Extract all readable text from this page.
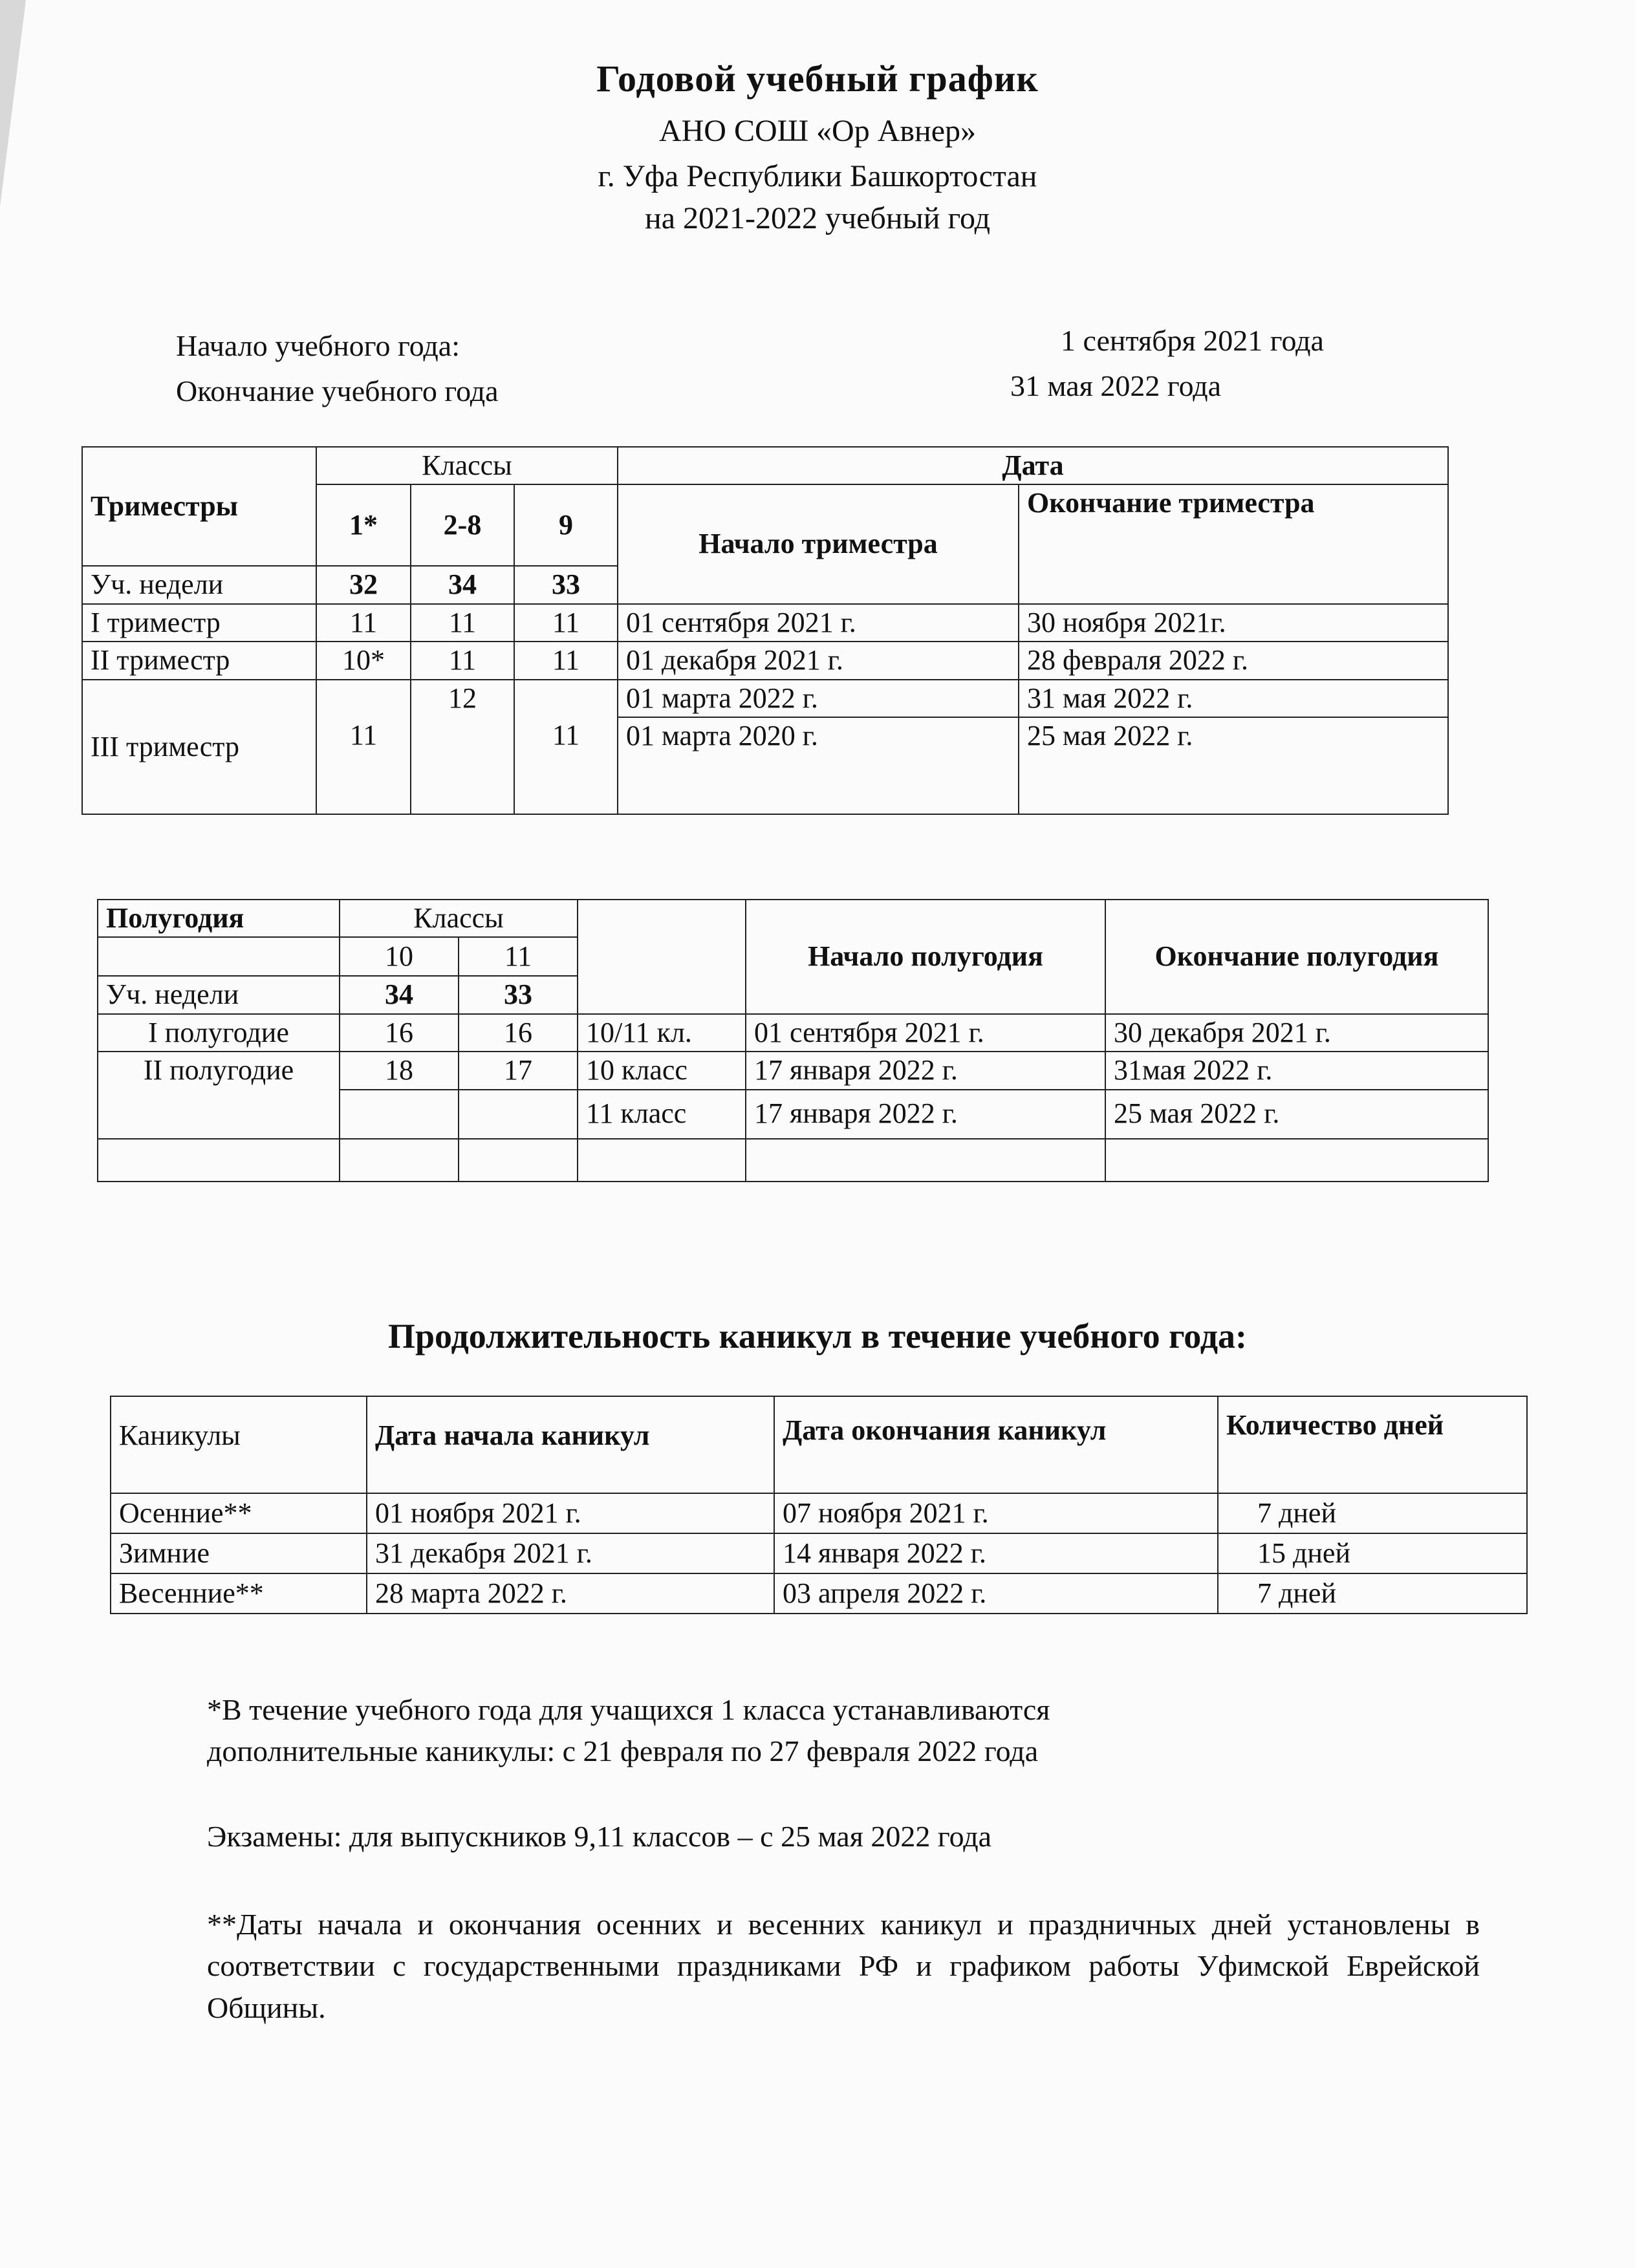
Годовой учебный график
АНО СОШ «Ор Авнер»
г. Уфа Республики Башкортостан
на 2021-2022 учебный год
Начало учебного года:	1 сентября 2021 года
Окончание учебного года	31 мая 2022 года
Триместры	Классы			Дата	
	1*	2-8	9	Начало триместра	Окончание триместра
Уч. недели	32	34	33		
I триместр	11	11	11	01 сентября 2021 г.	30 ноября 2021г.
II триместр	10*	11	11	01 декабря 2021 г.	28 февраля 2022 г.
III триместр		12		01 марта 2022 г.	31 мая 2022 г.
	11		11	01 марта 2020 г.	25 мая 2022 г.
Полугодия	Классы			Начало полугодия	Окончание полугодия
	10	11			
Уч. недели	34	33			
I полугодие	16	16	10/11 кл.	01 сентября 2021 г.	30 декабря 2021 г.
II полугодие	18	17	10 класс	17 января 2022 г.	31мая 2022 г.
			11 класс	17 января 2022 г.	25 мая 2022 г.

Продолжительность каникул в течение учебного года:
Каникулы	Дата начала каникул	Дата окончания каникул	Количество дней
Осенние**	01 ноября 2021 г.	07 ноября 2021 г.	7 дней
Зимние	31 декабря 2021 г.	14 января 2022 г.	15 дней
Весенние**	28 марта 2022 г.	03 апреля 2022 г.	7 дней
*В течение учебного года для учащихся 1 класса устанавливаются
дополнительные каникулы: с 21 февраля по 27 февраля 2022 года
Экзамены: для выпускников 9,11 классов – с 25 мая 2022 года
**Даты начала и окончания осенних и весенних каникул и праздничных дней установлены в соответствии с государственными праздниками РФ и графиком работы Уфимской Еврейской Общины.
